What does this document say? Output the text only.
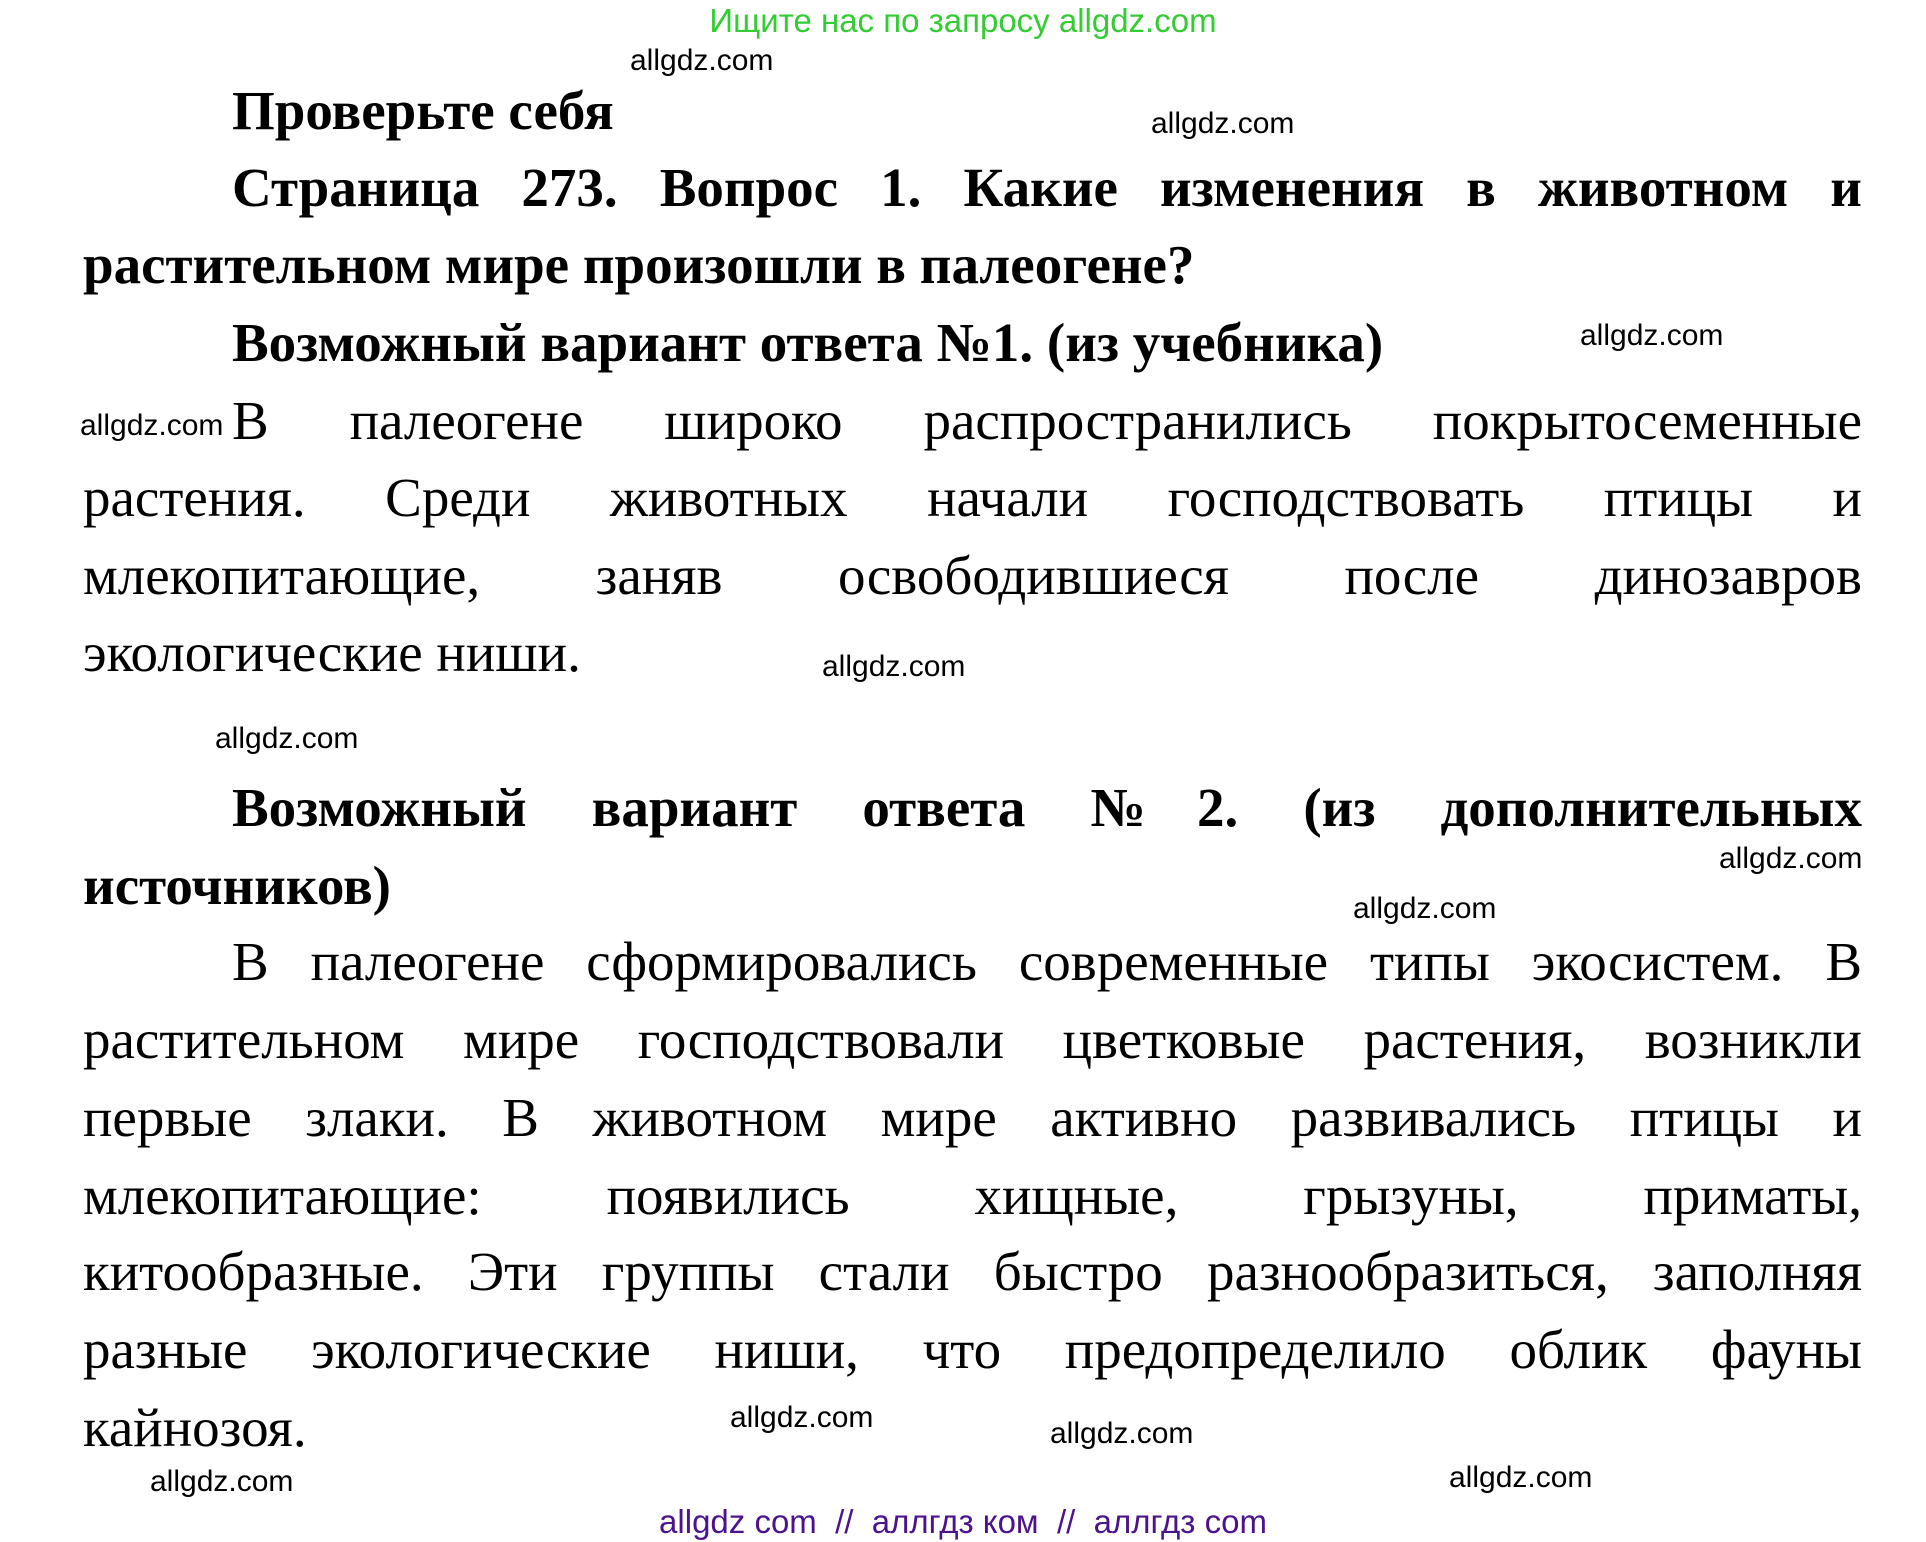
Ищите нас по запросу allgdz.com
Проверьте себя
Страница 273. Вопрос 1. Какие изменения в животном и
растительном мире произошли в палеогене?
Возможный вариант ответа №1. (из учебника)
В палеогене широко распространились покрытосеменные
растения. Среди животных начали господствовать птицы и
млекопитающие, заняв освободившиеся после динозавров
экологические ниши.
Возможный вариант ответа №2. (из дополнительных
источников)
В палеогене сформировались современные типы экосистем. В
растительном мире господствовали цветковые растения, возникли
первые злаки. В животном мире активно развивались птицы и
млекопитающие: появились хищные, грызуны, приматы,
китообразные. Эти группы стали быстро разнообразиться, заполняя
разные экологические ниши, что предопределило облик фауны
кайнозоя.
allgdz.com
allgdz.com
allgdz.com
allgdz.com
allgdz.com
allgdz.com
allgdz.com
allgdz.com
allgdz.com
allgdz.com
allgdz.com
allgdz.com
allgdz com  //  аллгдз ком  //  аллгдз com
